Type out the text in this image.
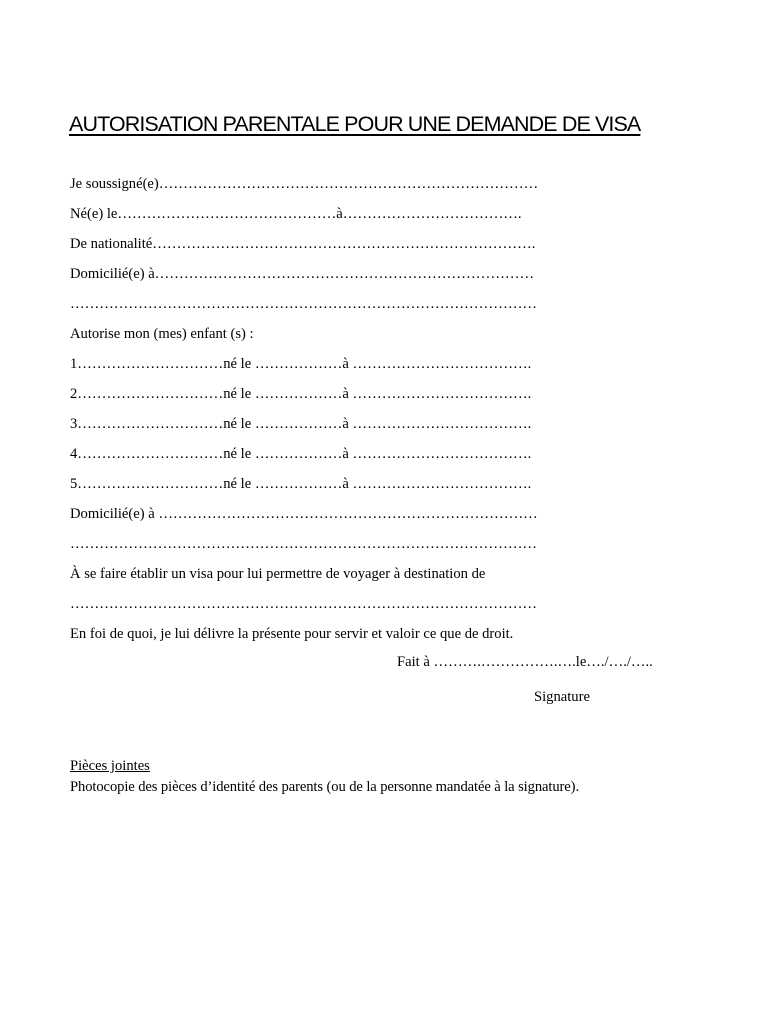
AUTORISATION PARENTALE POUR UNE DEMANDE DE VISA
Je soussigné(e)……………………………………………………………………
Né(e) le………………………………………à……………………………….
De nationalité…………………………………………………………………….
Domicilié(e) à……………………………………………………………………
……………………………………………………………………………………
Autorise mon (mes) enfant (s) :
1…………………………né le ………………à ……………………………….
2…………………………né le ………………à ……………………………….
3…………………………né le ………………à ……………………………….
4…………………………né le ………………à ……………………………….
5…………………………né le ………………à ……………………………….
Domicilié(e) à ……………………………………………………………………
……………………………………………………………………………………
À se faire établir un visa pour lui permettre de voyager à destination de
……………………………………………………………………………………
En foi de quoi, je lui délivre la présente pour servir et valoir ce que de droit.
Fait à ……….…………….….le…./…./…..
Signature
Pièces jointes
Photocopie des pièces d’identité des parents (ou de la personne mandatée à la signature).
